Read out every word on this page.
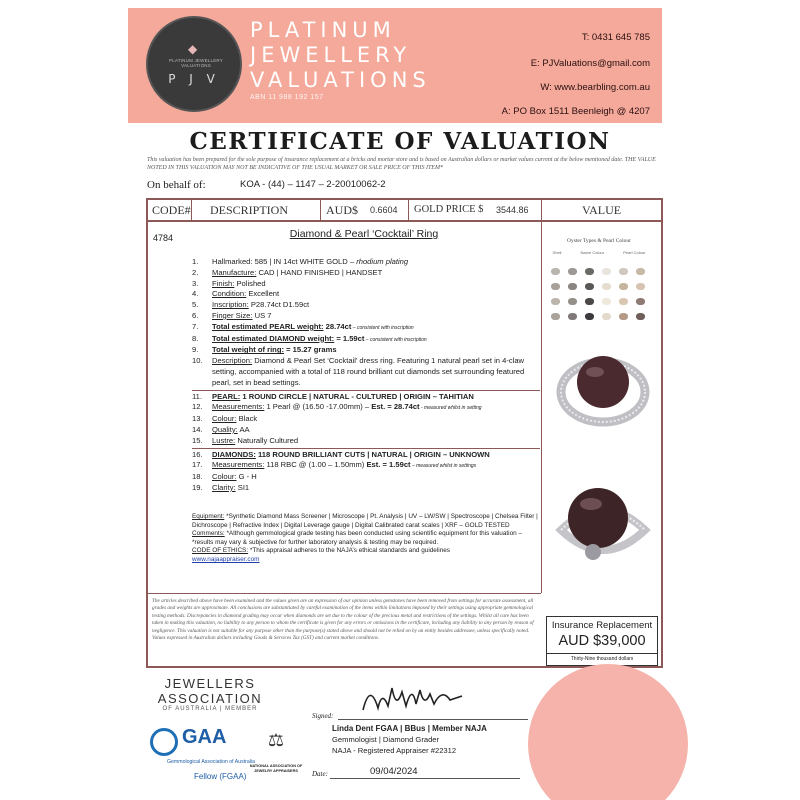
◆
PLATINUM JEWELLERY VALUATIONS
P J V
PLATINUM
JEWELLERY
VALUATIONS
ABN 11 988 192 157
T: 0431 645 785
E: PJValuations@gmail.com
W: www.bearbling.com.au
A: PO Box 1511 Beenleigh @ 4207
CERTIFICATE OF VALUATION
This valuation has been prepared for the sole purpose of insurance replacement at a bricks and mortar store and is based on Australian dollars or market values current at the below mentioned date. THE VALUE NOTED IN THIS VALUATION MAY NOT BE INDICATIVE OF THE USUAL MARKET OR SALE PRICE OF THIS ITEM*
On behalf of:	KOA - (44) – 1147 – 2-20010062-2
CODE# DESCRIPTION	AUD$ 0.6604 GOLD PRICE $ 3544.86	VALUE
4784	Diamond & Pearl ‘Cocktail’ Ring
1.	Hallmarked: 585 | IN 14ct WHITE GOLD – rhodium plating
2.	Manufacture: CAD | HAND FINISHED | HANDSET
3.	Finish: Polished
4.	Condition: Excellent
5.	Inscription: P28.74ct D1.59ct
6.	Finger Size: US 7
7.	Total estimated PEARL weight: 28.74ct – consistent with inscription
8.	Total estimated DIAMOND weight: = 1.59ct – consistent with inscription
9.	Total weight of ring: = 15.27 grams
10.	Description: Diamond & Pearl Set ‘Cocktail’ dress ring. Featuring 1 natural pearl set in 4-claw setting, accompanied with a total of 118 round brilliant cut diamonds set surrounding featured pearl, set in bead settings.
11.	PEARL: 1 ROUND CIRCLE | NATURAL - CULTURED | ORIGIN – TAHITIAN
12.	Measurements: 1 Pearl @ (16.50 -17.00mm) – Est. = 28.74ct - measured whilst in setting
13.	Colour: Black
14.	Quality: AA
15.	Lustre: Naturally Cultured
16.	DIAMONDS: 118 ROUND BRILLIANT CUTS | NATURAL | ORIGIN – UNKNOWN
17.	Measurements: 118 RBC @ (1.00 – 1.50mm) Est. = 1.59ct – measured whilst in settings
18.	Colour: G - H
19.	Clarity: SI1
Equipment: *Synthetic Diamond Mass Screener | Microscope | Pt. Analysis | UV – LW/SW | Spectroscope | Chelsea Filter | Dichroscope | Refractive Index | Digital Leverage gauge | Digital Calibrated carat scales | XRF – GOLD TESTED
Comments: *Although gemmological grade testing has been conducted using scientific equipment for this valuation – *results may vary & subjective for further laboratory analysis & testing may be required.
CODE OF ETHICS: *This appraisal adheres to the NAJA’s ethical standards and guidelines
www.najaappraiser.com
Oyster Types & Pearl Colour
Shell	Nacre Colour	Pearl Colour
The articles described above have been examined and the values given are an expression of our opinion unless gemstones have been removed from settings for accurate assessment, all grades and weights are approximate. All conclusions are substantiated by careful examination of the items within limitations imposed by their settings using appropriate gemmological testing methods. Discrepancies in diamond grading may occur when diamonds are set due to the colour of the precious metal and restrictions of the settings. Whilst all care has been taken in making this valuation, no liability to any person to whom the certificate is given for any errors or omissions in the certificate, including any liability to any person by reason of negligence. This valuation is not suitable for any purpose other than the purpose(s) stated above and should not be relied on by an entity besides addressee, unless specifically noted. Values expressed in Australian dollars including Goods & Services Tax (GST) and current market conditions.
Insurance Replacement
AUD $39,000
Thirty-Nine thousand dollars
JEWELLERS
ASSOCIATION
OF AUSTRALIA | MEMBER
GAA
Gemmological Association of Australia
Fellow (FGAA)
⚖
NATIONAL ASSOCIATION OF JEWELRY APPRAISERS
Signed:
Linda Dent FGAA | BBus | Member NAJA
Gemmologist | Diamond Grader
NAJA - Registered Appraiser #22312
Date:	09/04/2024
